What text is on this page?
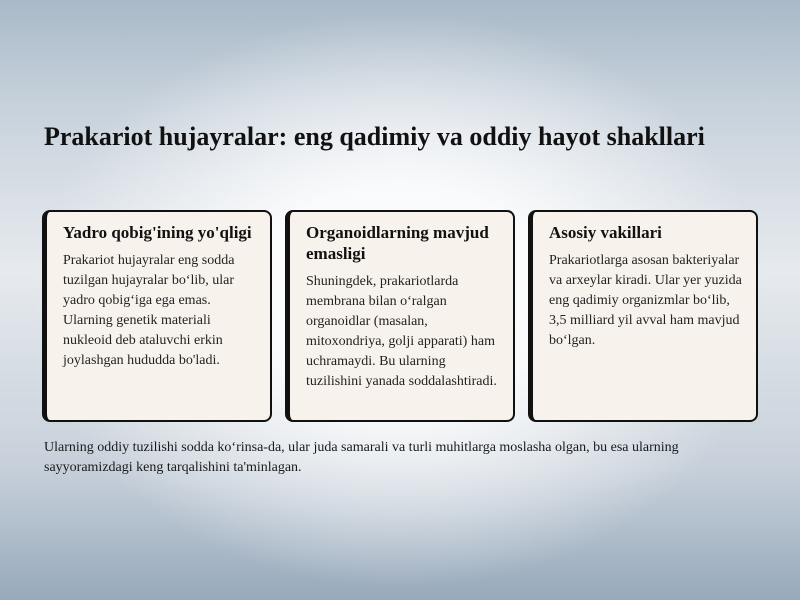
Prakariot hujayralar: eng qadimiy va oddiy hayot shakllari
Yadro qobig'ining yo'qligi

Prakariot hujayralar eng sodda tuzilgan hujayralar bo‘lib, ular yadro qobig‘iga ega emas. Ularning genetik materiali nukleoid deb ataluvchi erkin joylashgan hududda bo'ladi.

Organoidlarning mavjud emasligi

Shuningdek, prakariotlarda membrana bilan o‘ralgan organoidlar (masalan, mitoxondriya, golji apparati) ham uchramaydi. Bu ularning tuzilishini yanada soddalashtiradi.

Asosiy vakillari

Prakariotlarga asosan bakteriyalar va arxeylar kiradi. Ular yer yuzida eng qadimiy organizmlar bo‘lib, 3,5 milliard yil avval ham mavjud bo‘lgan.

Ularning oddiy tuzilishi sodda ko‘rinsa-da, ular juda samarali va turli muhitlarga moslasha olgan, bu esa ularning sayyoramizdagi keng tarqalishini ta'minlagan.
